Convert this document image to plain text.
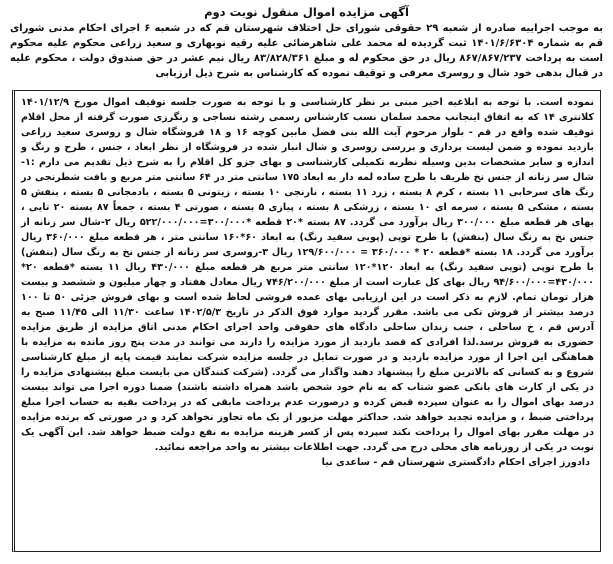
آگهی مزایده اموال منقول نوبت دوم

به موجب اجراییه صادره از شعبه ۲۹ حقوقی شورای حل اختلاف شهرستان قم که در شعبه ۶ اجرای احکام مدنی شورای قم به شماره ۱۴۰۱/۶/۶۳۰۴ ثبت گردیده له محمد علی شاهرضائی علیه رقیه نوبهاری و سعید زراعی محکوم علیه محکوم است به پرداخت ۸۶۷/۸۶۷/۲۳۷ ریال در حق محکوم له و مبلغ ۸۳/۸۲۸/۳۶۱ ریال نیم عشر در حق صندوق دولت ، محکوم علیه در قبال بدهی خود شال و روسری معرفی و توقیف نموده که کارشناس به شرح ذیل ارزیابی

نموده است. با توجه به ابلاغیه اخیر مبنی بر نظر کارشناسی و با توجه به صورت جلسه توقیف اموال مورخ ۱۴۰۱/۱۲/۹ کلانتری ۱۴ که به اتفاق اینجانب محمد سلمان نسب کارشناس رسمی رشته نساجی و رنگرزی صورت گرفته از محل اقلام توقیف شده واقع در قم - بلوار مرحوم آیت الله بنی فضل مابین کوچه ۱۶ و ۱۸ فروشگاه شال و روسری سعید زراعی بازدید نموده و ضمن لیست برداری و بررسی روسری و شال انبار شده در فروشگاه از نظر ابعاد ، جنس ، طرح و رنگ و اندازه و سایر مشخصات بدین وسیله نظریه تکمیلی کارشناسی و بهای جزو کل اقلام را به شرح ذیل تقدیم می دارم :۱-شال سر زنانه از جنس نخ ظریف با طرح ساده لمه دار به ابعاد ۱۷۵ سانتی متر در ۶۴ سانتی متر مربع و بافت شطرنجی در رنگ های سرخابی ۱۱ بسته ، کرم ۸ بسته ، زرد ۱۱ بسته ، نارنجی ۱۰ بسته ، زیتونی ۵ بسته ، بادمجانی ۵ بسته ، بنفش ۵ بسته ، مشکی ۵ بسته ، سرمه ای ۱۰ بسته ، زرشکی ۸ بسته ، پیازی ۵ بسته ، صورتی ۴ بسته ، جمعاً ۸۷ بسته ۲۰ تایی ، بهای هر قطعه مبلغ ۳۰۰/۰۰۰ ریال برآورد می گردد. ۸۷ بسته *۲۰ قطعه *۳۰۰/۰۰۰=۵۲۲/۰۰۰/۰۰۰ ریال ۲-شال سر زنانه از جنس نخ به رنگ سال (بنفش) با طرح توپی (پویی سفید رنگ) به ابعاد ۶۰*۱۶۰ سانتی متر ، هر قطعه مبلغ ۳۶۰/۰۰۰ ریال برآورد می گردد. ۱۸ بسته *قطعه ۲۰ * ۳۶۰/۰۰۰ = ۱۲۹/۶۰۰/۰۰۰ ریال ۳-روسری سر زنانه از جنس نخ به رنگ سال (بنفش) با طرح توپی (توپی سفید رنگ) به ابعاد ۱۲۰*۱۲۰ سانتی متر مربع هر قطعه مبلغ ۴۳۰/۰۰۰ ریال ۱۱ بسته *قطعه ۲۰* ۴۳۰/۰۰۰=۹۴/۶۰۰/۰۰۰ ریال بهای کل عبارت است از مبلغ ۷۴۶/۲۰۰/۰۰۰ ریال معادل هفتاد و چهار میلیون و ششصد و بیست هزار تومان تمام. لازم به ذکر است در این ارزیابی بهای عمده فروشی لحاظ شده است و بهای فروش جزئی ۵۰ تا ۱۰۰ درصد بیشتر از فروش تکی می باشد. مقرر گردید موارد فوق الذکر در تاریخ ۱۴۰۲/۵/۳ ساعت ۱۱/۳۰ الی ۱۱/۴۵ صبح به آدرس قم ، خ ساحلی ، جنب زندان ساحلی دادگاه های حقوقی واحد اجرای احکام مدنی اتاق مزایده از طریق مزایده حضوری به فروش برسد.لذا افرادی که قصد بازدید از مورد مزایده را دارند می توانند در مدت پنج روز مانده به مزایده با هماهنگی این اجرا از مورد مزایده بازدید و در صورت تمایل در جلسه مزایده شرکت نمایند قیمت پایه از مبلغ کارشناسی شروع و به کسانی که بالاترین مبلغ را پیشنهاد دهند واگذار می گردد. (شرکت کنندگان می بایست مبلغ پیشنهادی مزایده را در یکی از کارت های بانکی عضو شتاب که به نام خود شخص باشد همراه داشته باشند) ضمنا دوره اجرا می تواند بیست درصد بهای اموال را به عنوان سپرده قبض کرده و درصورت عدم پرداخت مابقی که در پرداخت بقیه به حساب اجرا مبلغ پرداختی ضبط ، و مزایده تجدید خواهد شد. حداکثر مهلت مزبور از یک ماه تجاوز نخواهد کرد و در صورتی که برنده مزایده در مهلت مقرر بهای اموال را پرداخت نکند سپرده پس از کسر هزینه مزایده به نفع دولت ضبط خواهد شد. این آگهی یک نوبت در یکی از روزنامه های محلی درج می گردد. جهت اطلاعات بیشتر به واحد مراجعه نمائید.

دادورز اجرای احکام دادگستری شهرستان قم - ساعدی نیا
